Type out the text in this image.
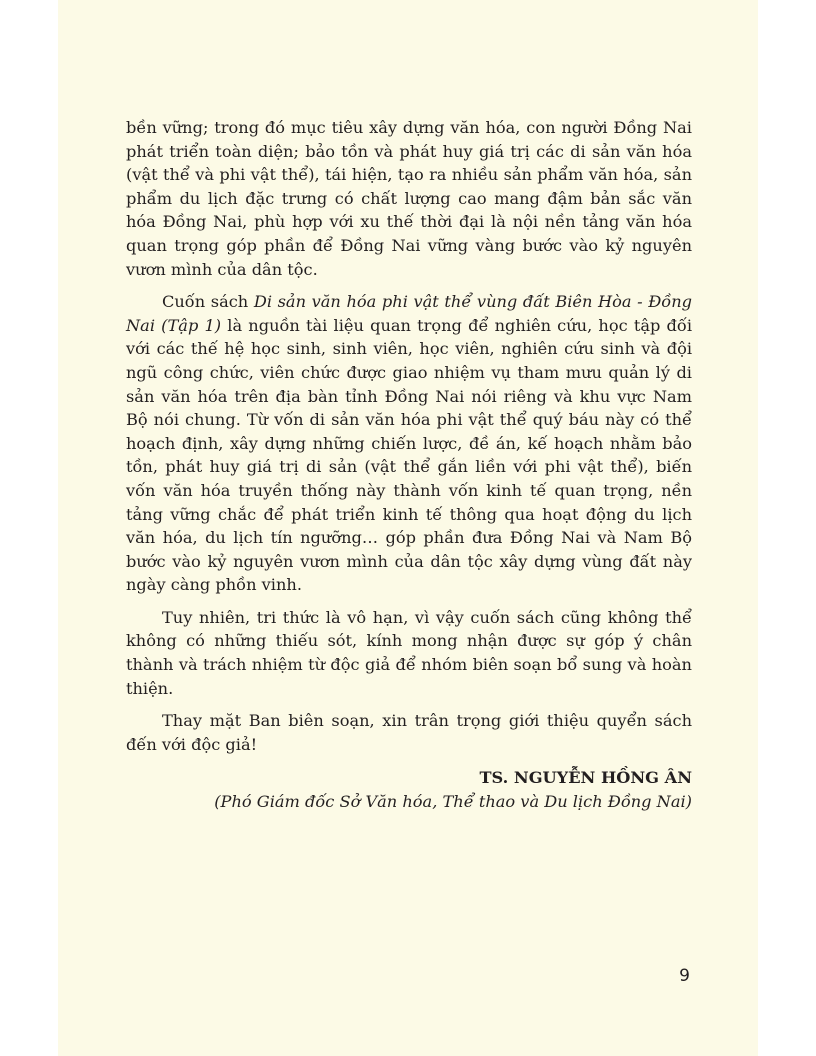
bền vững; trong đó mục tiêu xây dựng văn hóa, con người Đồng Nai phát triển toàn diện; bảo tồn và phát huy giá trị các di sản văn hóa (vật thể và phi vật thể), tái hiện, tạo ra nhiều sản phẩm văn hóa, sản phẩm du lịch đặc trưng có chất lượng cao mang đậm bản sắc văn hóa Đồng Nai, phù hợp với xu thế thời đại là nội nền tảng văn hóa quan trọng góp phần để Đồng Nai vững vàng bước vào kỷ nguyên vươn mình của dân tộc.

Cuốn sách Di sản văn hóa phi vật thể vùng đất Biên Hòa - Đồng Nai (Tập 1) là nguồn tài liệu quan trọng để nghiên cứu, học tập đối với các thế hệ học sinh, sinh viên, học viên, nghiên cứu sinh và đội ngũ công chức, viên chức được giao nhiệm vụ tham mưu quản lý di sản văn hóa trên địa bàn tỉnh Đồng Nai nói riêng và khu vực Nam Bộ nói chung. Từ vốn di sản văn hóa phi vật thể quý báu này có thể hoạch định, xây dựng những chiến lược, đề án, kế hoạch nhằm bảo tồn, phát huy giá trị di sản (vật thể gắn liền với phi vật thể), biến vốn văn hóa truyền thống này thành vốn kinh tế quan trọng, nền tảng vững chắc để phát triển kinh tế thông qua hoạt động du lịch văn hóa, du lịch tín ngưỡng… góp phần đưa Đồng Nai và Nam Bộ bước vào kỷ nguyên vươn mình của dân tộc xây dựng vùng đất này ngày càng phồn vinh.

Tuy nhiên, tri thức là vô hạn, vì vậy cuốn sách cũng không thể không có những thiếu sót, kính mong nhận được sự góp ý chân thành và trách nhiệm từ độc giả để nhóm biên soạn bổ sung và hoàn thiện.

Thay mặt Ban biên soạn, xin trân trọng giới thiệu quyển sách đến với độc giả!

TS. NGUYỄN HỒNG ÂN
(Phó Giám đốc Sở Văn hóa, Thể thao và Du lịch Đồng Nai)
9
